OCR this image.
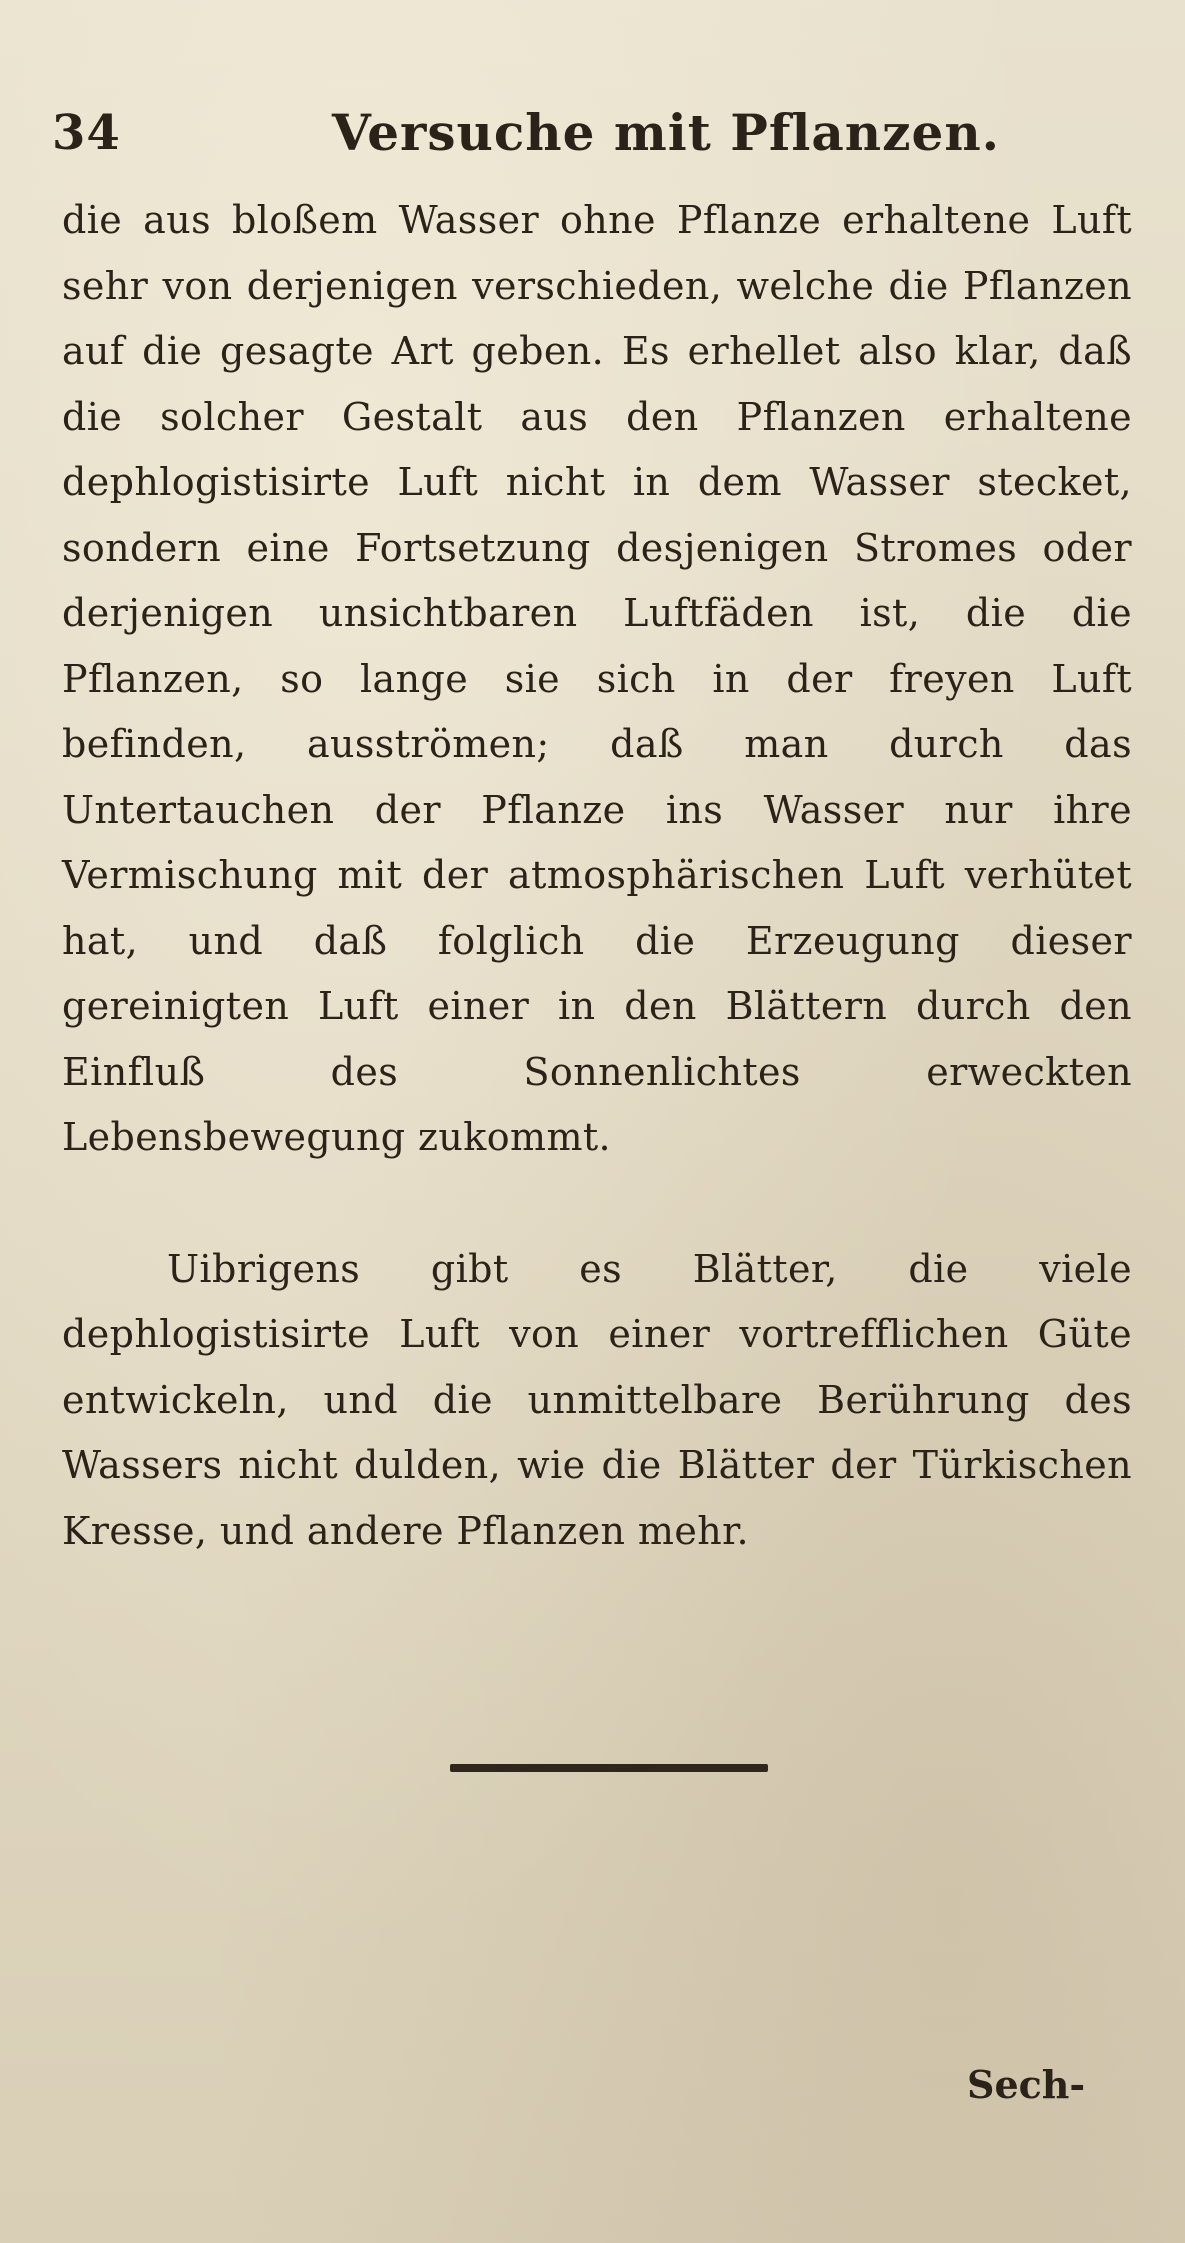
34	Versuche mit Pflanzen.

die aus bloßem Wasser ohne Pflanze erhaltene Luft sehr von derjenigen verschieden, welche die Pflanzen auf die gesagte Art geben. Es erhellet also klar, daß die solcher Gestalt aus den Pflanzen erhaltene dephlogistisirte Luft nicht in dem Wasser stecket, sondern eine Fortsetzung desjenigen Stromes oder derjenigen unsichtbaren Luftfäden ist, die die Pflanzen, so lange sie sich in der freyen Luft befinden, ausströmen; daß man durch das Untertauchen der Pflanze ins Wasser nur ihre Vermischung mit der atmosphärischen Luft verhütet hat, und daß folglich die Erzeugung dieser gereinigten Luft einer in den Blättern durch den Einfluß des Sonnenlichtes erweckten Lebensbewegung zukommt.

Uibrigens gibt es Blätter, die viele dephlogistisirte Luft von einer vortrefflichen Güte entwickeln, und die unmittelbare Berührung des Wassers nicht dulden, wie die Blätter der Türkischen Kresse, und andere Pflanzen mehr.

Sech-
